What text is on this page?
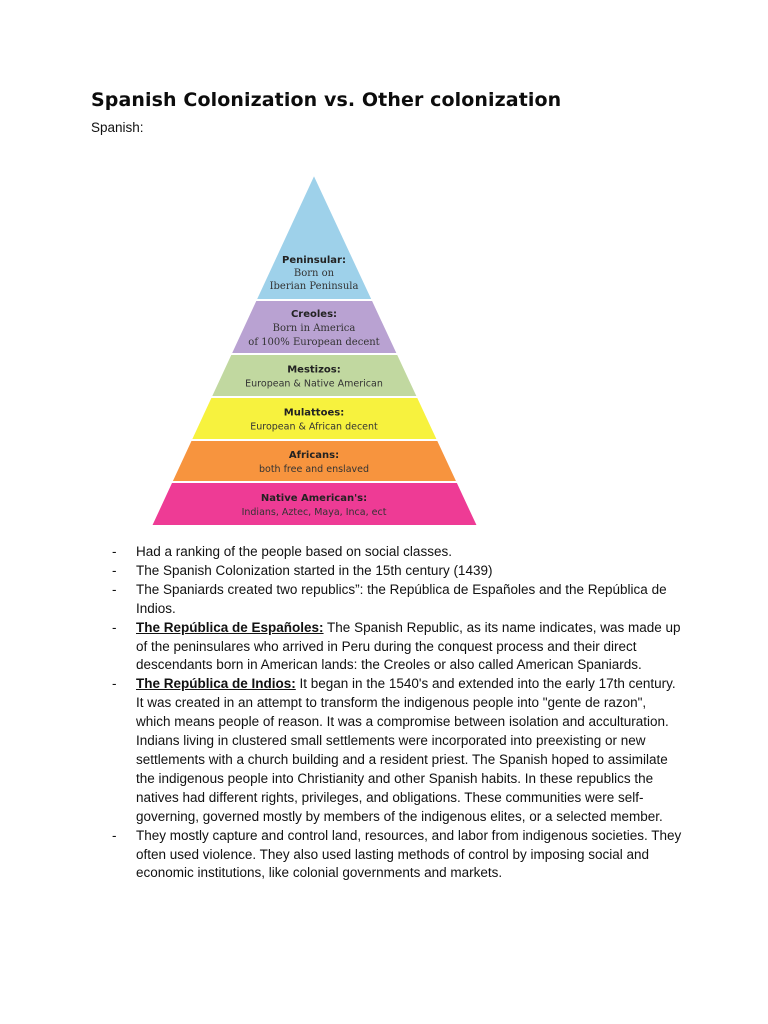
Spanish Colonization vs. Other colonization
Spanish:
Peninsular:
Born on
Iberian Peninsula
Creoles:
Born in America
of 100% European decent
Mestizos:
European & Native American
Mulattoes:
European & African decent
Africans:
both free and enslaved
Native American's:
Indians, Aztec, Maya, Inca, ect
- Had a ranking of the people based on social classes.
- The Spanish Colonization started in the 15th century (1439)
- The Spaniards created two republics”: the República de Españoles and the República de Indios.
- The República de Españoles: The Spanish Republic, as its name indicates, was made up of the peninsulares who arrived in Peru during the conquest process and their direct descendants born in American lands: the Creoles or also called American Spaniards.
- The República de Indios: It began in the 1540's and extended into the early 17th century. It was created in an attempt to transform the indigenous people into "gente de razon", which means people of reason. It was a compromise between isolation and acculturation. Indians living in clustered small settlements were incorporated into preexisting or new settlements with a church building and a resident priest. The Spanish hoped to assimilate the indigenous people into Christianity and other Spanish habits. In these republics the natives had different rights, privileges, and obligations. These communities were self-governing, governed mostly by members of the indigenous elites, or a selected member.
- They mostly capture and control land, resources, and labor from indigenous societies. They often used violence. They also used lasting methods of control by imposing social and economic institutions, like colonial governments and markets.
